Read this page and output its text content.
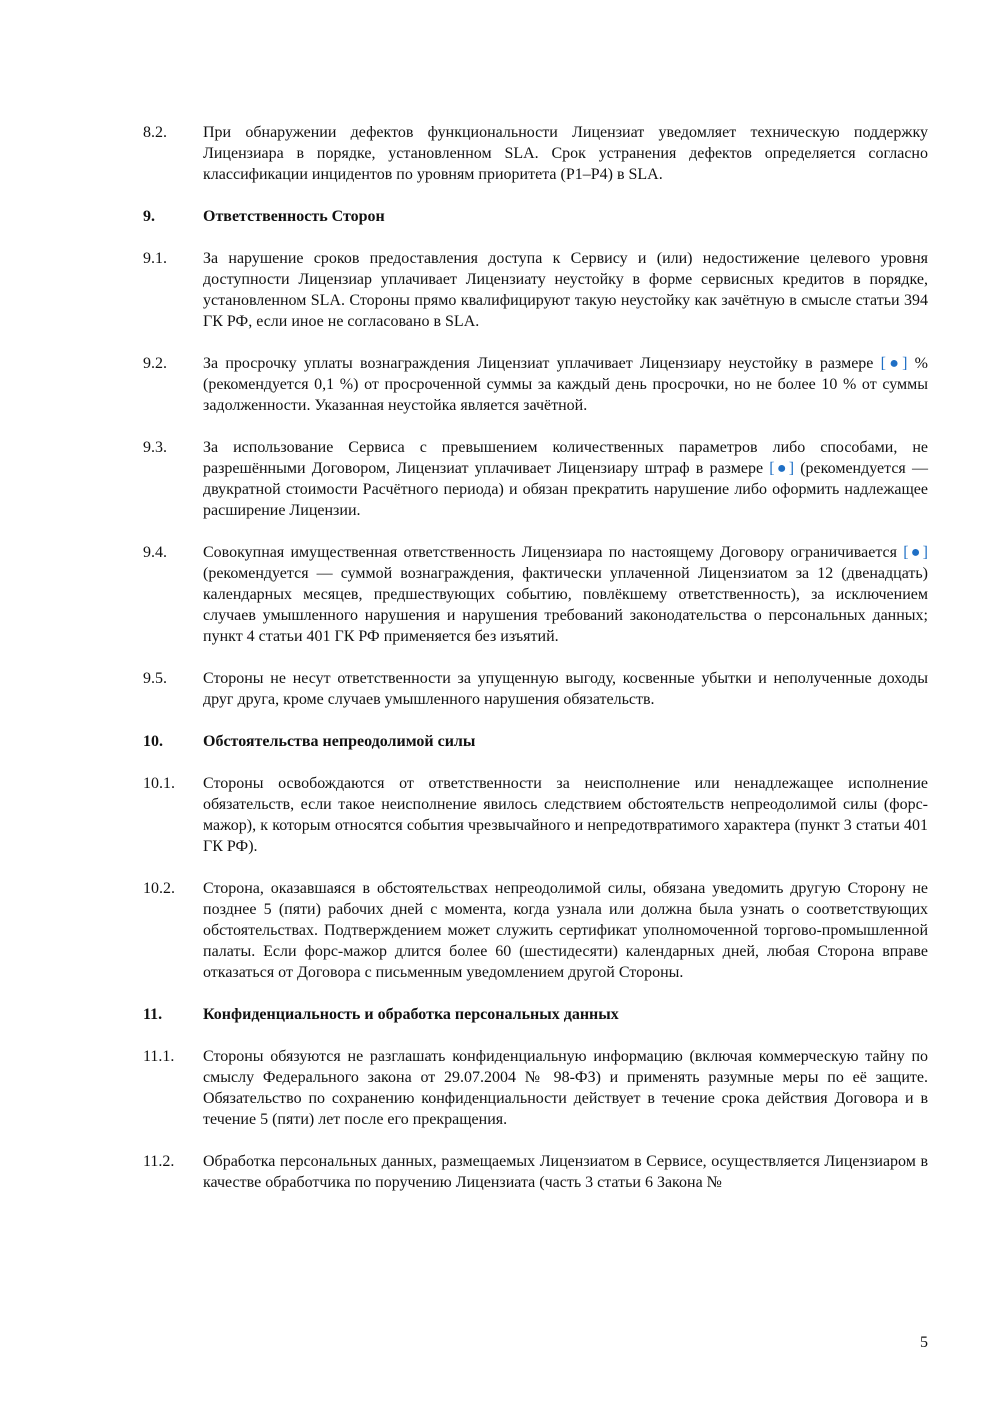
8.2.	При обнаружении дефектов функциональности Лицензиат уведомляет техническую поддержку Лицензиара в порядке, установленном SLA. Срок устранения дефектов определяется согласно классификации инцидентов по уровням приоритета (P1–P4) в SLA.
9.	Ответственность Сторон
9.1.	За нарушение сроков предоставления доступа к Сервису и (или) недостижение целевого уровня доступности Лицензиар уплачивает Лицензиату неустойку в форме сервисных кредитов в порядке, установленном SLA. Стороны прямо квалифицируют такую неустойку как зачётную в смысле статьи 394 ГК РФ, если иное не согласовано в SLA.
9.2.	За просрочку уплаты вознаграждения Лицензиат уплачивает Лицензиару неустойку в размере [●] % (рекомендуется 0,1 %) от просроченной суммы за каждый день просрочки, но не более 10 % от суммы задолженности. Указанная неустойка является зачётной.
9.3.	За использование Сервиса с превышением количественных параметров либо способами, не разрешёнными Договором, Лицензиат уплачивает Лицензиару штраф в размере [●] (рекомендуется — двукратной стоимости Расчётного периода) и обязан прекратить нарушение либо оформить надлежащее расширение Лицензии.
9.4.	Совокупная имущественная ответственность Лицензиара по настоящему Договору ограничивается [●] (рекомендуется — суммой вознаграждения, фактически уплаченной Лицензиатом за 12 (двенадцать) календарных месяцев, предшествующих событию, повлёкшему ответственность), за исключением случаев умышленного нарушения и нарушения требований законодательства о персональных данных; пункт 4 статьи 401 ГК РФ применяется без изъятий.
9.5.	Стороны не несут ответственности за упущенную выгоду, косвенные убытки и неполученные доходы друг друга, кроме случаев умышленного нарушения обязательств.
10.	Обстоятельства непреодолимой силы
10.1.	Стороны освобождаются от ответственности за неисполнение или ненадлежащее исполнение обязательств, если такое неисполнение явилось следствием обстоятельств непреодолимой силы (форс-мажор), к которым относятся события чрезвычайного и непредотвратимого характера (пункт 3 статьи 401 ГК РФ).
10.2.	Сторона, оказавшаяся в обстоятельствах непреодолимой силы, обязана уведомить другую Сторону не позднее 5 (пяти) рабочих дней с момента, когда узнала или должна была узнать о соответствующих обстоятельствах. Подтверждением может служить сертификат уполномоченной торгово-промышленной палаты. Если форс-мажор длится более 60 (шестидесяти) календарных дней, любая Сторона вправе отказаться от Договора с письменным уведомлением другой Стороны.
11.	Конфиденциальность и обработка персональных данных
11.1.	Стороны обязуются не разглашать конфиденциальную информацию (включая коммерческую тайну по смыслу Федерального закона от 29.07.2004 № 98-ФЗ) и применять разумные меры по её защите. Обязательство по сохранению конфиденциальности действует в течение срока действия Договора и в течение 5 (пяти) лет после его прекращения.
11.2.	Обработка персональных данных, размещаемых Лицензиатом в Сервисе, осуществляется Лицензиаром в качестве обработчика по поручению Лицензиата (часть 3 статьи 6 Закона №
5
